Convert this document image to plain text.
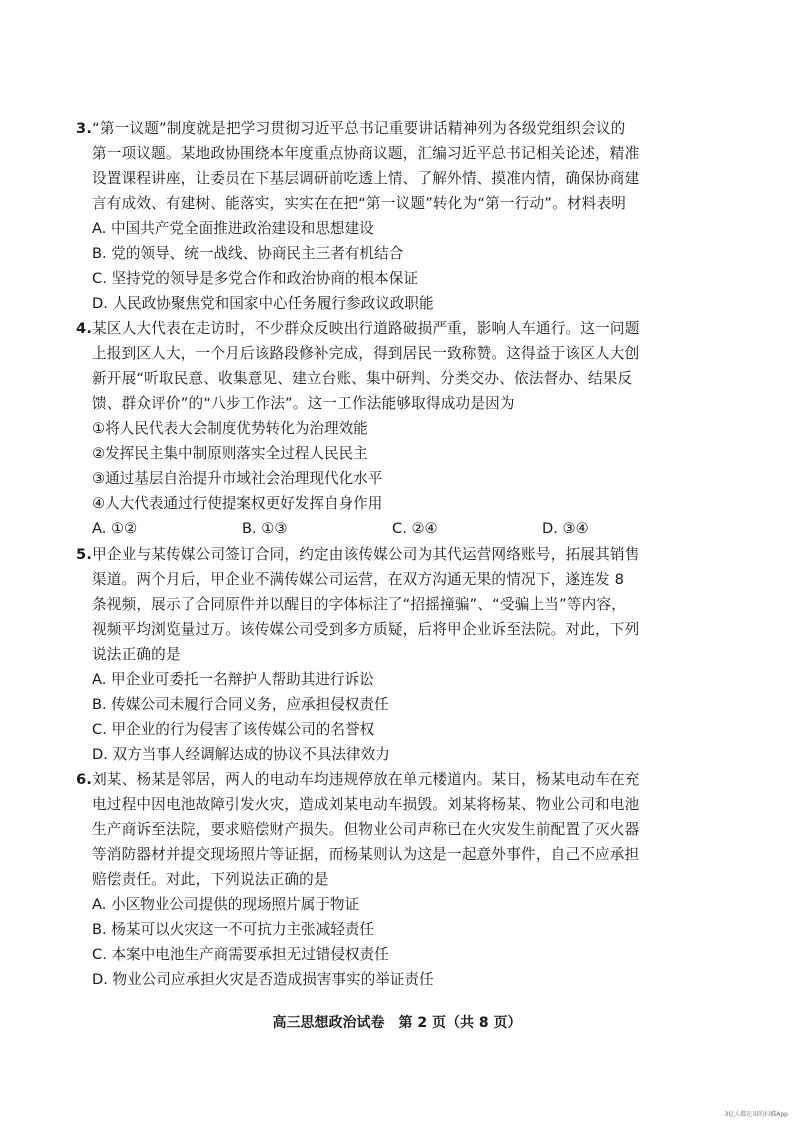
3.“第一议题”制度就是把学习贯彻习近平总书记重要讲话精神列为各级党组织会议的
第一项议题。某地政协围绕本年度重点协商议题，汇编习近平总书记相关论述，精准
设置课程讲座，让委员在下基层调研前吃透上情、了解外情、摸准内情，确保协商建
言有成效、有建树、能落实，实实在在把“第一议题”转化为“第一行动”。材料表明
A. 中国共产党全面推进政治建设和思想建设
B. 党的领导、统一战线、协商民主三者有机结合
C. 坚持党的领导是多党合作和政治协商的根本保证
D. 人民政协聚焦党和国家中心任务履行参政议政职能
4.某区人大代表在走访时，不少群众反映出行道路破损严重，影响人车通行。这一问题
上报到区人大，一个月后该路段修补完成，得到居民一致称赞。这得益于该区人大创
新开展“听取民意、收集意见、建立台账、集中研判、分类交办、依法督办、结果反
馈、群众评价”的“八步工作法”。这一工作法能够取得成功是因为
①将人民代表大会制度优势转化为治理效能
②发挥民主集中制原则落实全过程人民民主
③通过基层自治提升市域社会治理现代化水平
④人大代表通过行使提案权更好发挥自身作用
A. ①②	B. ①③	C. ②④	D. ③④
5.甲企业与某传媒公司签订合同，约定由该传媒公司为其代运营网络账号，拓展其销售
渠道。两个月后，甲企业不满传媒公司运营，在双方沟通无果的情况下，遂连发 8
条视频，展示了合同原件并以醒目的字体标注了“招摇撞骗”、“受骗上当”等内容，
视频平均浏览量过万。该传媒公司受到多方质疑，后将甲企业诉至法院。对此，下列
说法正确的是
A. 甲企业可委托一名辩护人帮助其进行诉讼
B. 传媒公司未履行合同义务，应承担侵权责任
C. 甲企业的行为侵害了该传媒公司的名誉权
D. 双方当事人经调解达成的协议不具法律效力
6.刘某、杨某是邻居，两人的电动车均违规停放在单元楼道内。某日，杨某电动车在充
电过程中因电池故障引发火灾，造成刘某电动车损毁。刘某将杨某、物业公司和电池
生产商诉至法院，要求赔偿财产损失。但物业公司声称已在火灾发生前配置了灭火器
等消防器材并提交现场照片等证据，而杨某则认为这是一起意外事件，自己不应承担
赔偿责任。对此，下列说法正确的是
A. 小区物业公司提供的现场照片属于物证
B. 杨某可以火灾这一不可抗力主张减轻责任
C. 本案中电池生产商需要承担无过错侵权责任
D. 物业公司应承担火灾是否造成损害事实的举证责任
高三思想政治试卷　第 2 页（共 8 页）
3亿人都在用的扫描App
